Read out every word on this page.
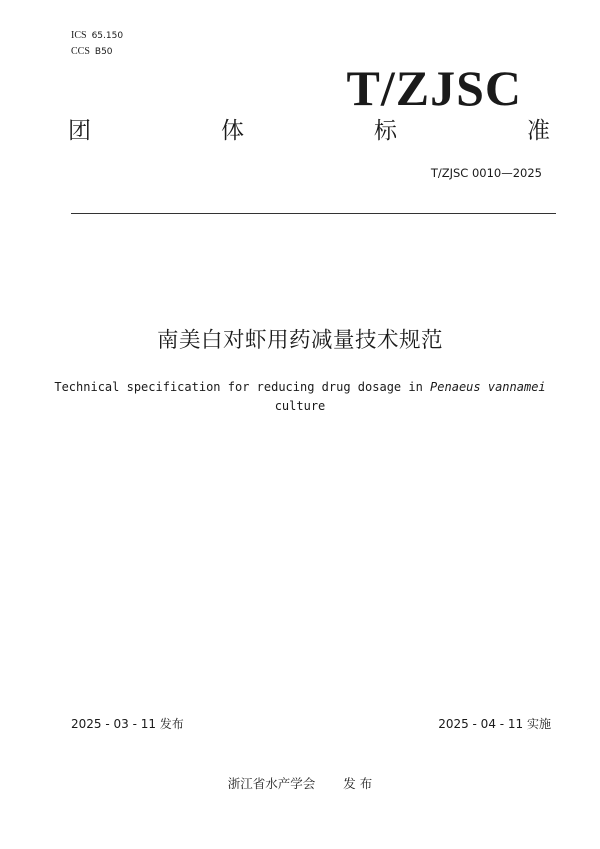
ICS 65.150
CCS B50
T/ZJSC
团	体	标	准
T/ZJSC 0010—2025
南美白对虾用药减量技术规范
Technical specification for reducing drug dosage in Penaeus vannamei
culture
2025 - 03 - 11 发布	2025 - 04 - 11 实施
浙江省水产学会 发 布
